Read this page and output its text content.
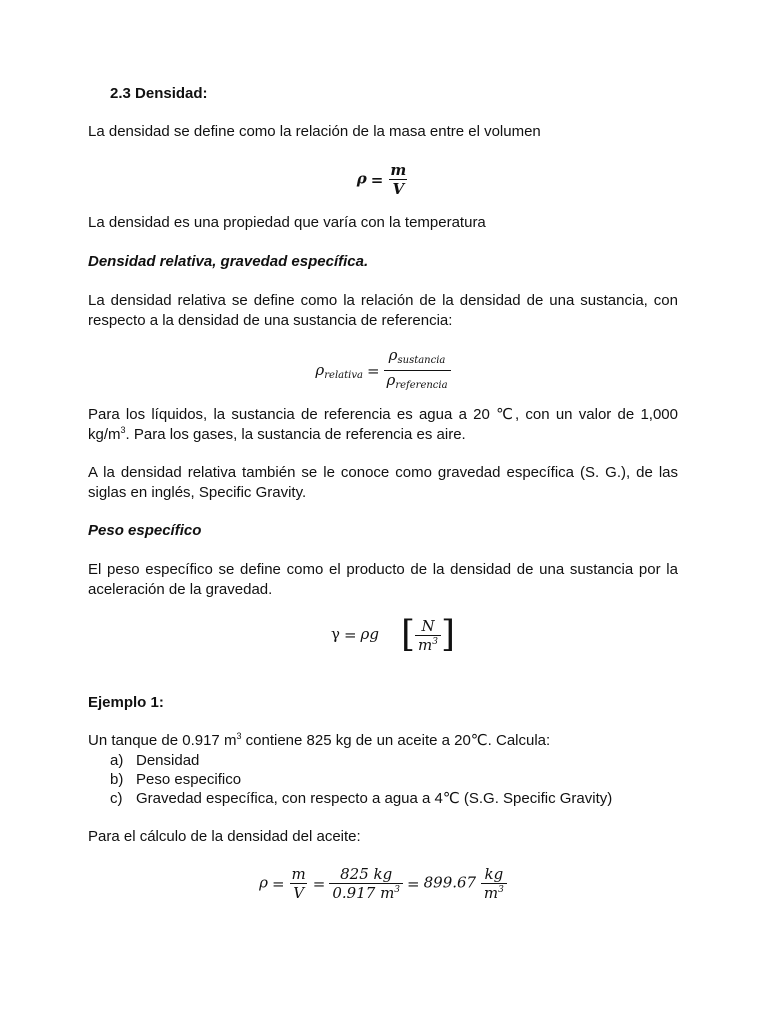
2.3 Densidad:

La densidad se define como la relación de la masa entre el volumen

$\rho = \frac{m}{V}$

La densidad es una propiedad que varía con la temperatura

Densidad relativa, gravedad específica.

La densidad relativa se define como la relación de la densidad de una sustancia, con respecto a la densidad de una sustancia de referencia:

$\rho_{relativa} = \frac{\rho_{sustancia}}{\rho_{referencia}}$

Para los líquidos, la sustancia de referencia es agua a 20 ℃, con un valor de 1,000 $kg/m^3$. Para los gases, la sustancia de referencia es aire.

A la densidad relativa también se le conoce como gravedad específica (S. G.), de las siglas en inglés, Specific Gravity.

Peso específico

El peso específico se define como el producto de la densidad de una sustancia por la aceleración de la gravedad.

γ = ρg [ $\frac{N}{m^3}$ ]

Ejemplo 1:

Un tanque de 0.917 $m^3$ contiene 825 kg de un aceite a 20℃. Calcula:

a) Densidad
b) Peso especifico
c) Gravedad específica, con respecto a agua a 4℃ (S.G. Specific Gravity)

Para el cálculo de la densidad del aceite:

$\rho = \frac{m}{V} = \frac{825 kg}{0.917 m^3} = 899.67 \frac{kg}{m^3}$
